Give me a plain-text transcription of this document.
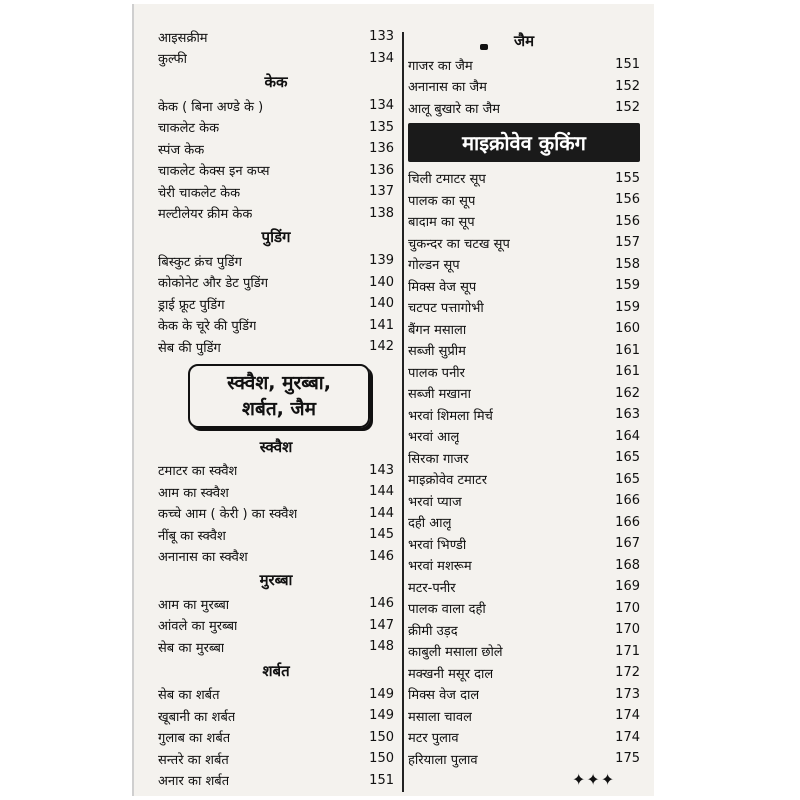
आइसक्रीम	133
कुल्फी	134
केक
केक ( बिना अण्डे के )	134
चाकलेट केक	135
स्पंज केक	136
चाकलेट केक्स इन कप्स	136
चेरी चाकलेट केक	137
मल्टीलेयर क्रीम केक	138
पुडिंग
बिस्कुट क्रंच पुडिंग	139
कोकोनेट और डेट पुडिंग	140
ड्राई फ्रूट पुडिंग	140
केक के चूरे की पुडिंग	141
सेब की पुडिंग	142
स्क्वैश, मुरब्बा,
शर्बत, जैम
स्क्वैश
टमाटर का स्क्वैश	143
आम का स्क्वैश	144
कच्चे आम ( केरी ) का स्क्वैश	144
नींबू का स्क्वैश	145
अनानास का स्क्वैश	146
मुरब्बा
आम का मुरब्बा	146
आंवले का मुरब्बा	147
सेब का मुरब्बा	148
शर्बत
सेब का शर्बत	149
खूबानी का शर्बत	149
गुलाब का शर्बत	150
सन्तरे का शर्बत	150
अनार का शर्बत	151
जैम
गाजर का जैम	151
अनानास का जैम	152
आलू बुखारे का जैम	152
माइक्रोवेव कुकिंग
चिली टमाटर सूप	155
पालक का सूप	156
बादाम का सूप	156
चुकन्दर का चटख सूप	157
गोल्डन सूप	158
मिक्स वेज सूप	159
चटपट पत्तागोभी	159
बैंगन मसाला	160
सब्जी सुप्रीम	161
पालक पनीर	161
सब्जी मखाना	162
भरवां शिमला मिर्च	163
भरवां आलू	164
सिरका गाजर	165
माइक्रोवेव टमाटर	165
भरवां प्याज	166
दही आलू	166
भरवां भिण्डी	167
भरवां मशरूम	168
मटर-पनीर	169
पालक वाला दही	170
क्रीमी उड़द	170
काबुली मसाला छोले	171
मक्खनी मसूर दाल	172
मिक्स वेज दाल	173
मसाला चावल	174
मटर पुलाव	174
हरियाला पुलाव	175
✦✦✦
